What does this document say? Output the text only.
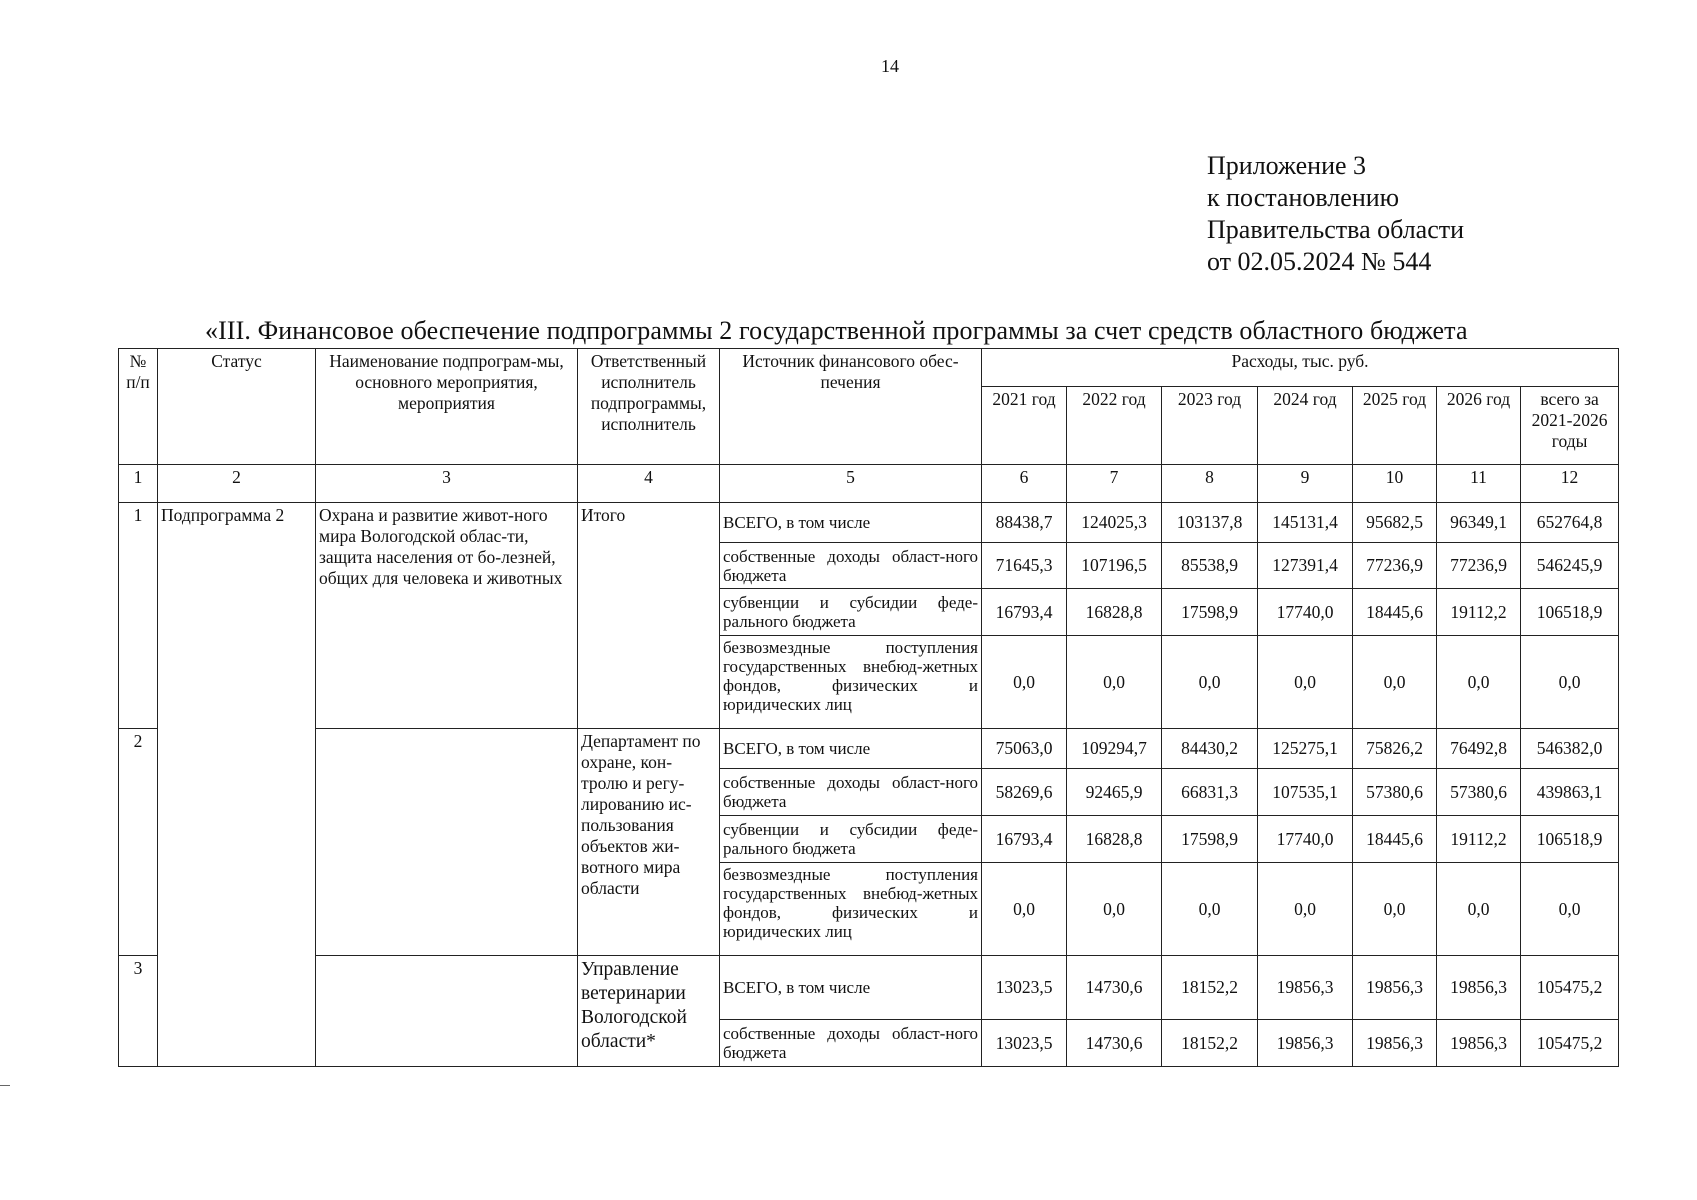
14
Приложение 3
к постановлению
Правительства области
от 02.05.2024 № 544
«III. Финансовое обеспечение подпрограммы 2 государственной программы за счет средств областного бюджета
№ п/п	Статус	Наименование подпрограм-мы, основного мероприятия, мероприятия	Ответственный исполнитель подпрограммы, исполнитель	Источник финансового обес-печения	Расходы, тыс. руб.						
					2021 год	2022 год	2023 год	2024 год	2025 год	2026 год	всего за 2021-2026 годы
1	2	3	4	5	6	7	8	9	10	11	12
1	Подпрограмма 2	Охрана и развитие живот-ного мира Вологодской облас-ти, защита населения от бо-лезней, общих для человека и животных	Итого	ВСЕГО, в том числе	88438,7	124025,3	103137,8	145131,4	95682,5	96349,1	652764,8
				собственные доходы област-ного бюджета	71645,3	107196,5	85538,9	127391,4	77236,9	77236,9	546245,9
				субвенции и субсидии феде-рального бюджета	16793,4	16828,8	17598,9	17740,0	18445,6	19112,2	106518,9
				безвозмездные поступления государственных внебюд-жетных фондов, физических и юридических лиц	0,0	0,0	0,0	0,0	0,0	0,0	0,0
2			Департамент по охране, кон-тролю и регу-лированию ис-пользования объектов жи-вотного мира области	ВСЕГО, в том числе	75063,0	109294,7	84430,2	125275,1	75826,2	76492,8	546382,0
				собственные доходы област-ного бюджета	58269,6	92465,9	66831,3	107535,1	57380,6	57380,6	439863,1
				субвенции и субсидии феде-рального бюджета	16793,4	16828,8	17598,9	17740,0	18445,6	19112,2	106518,9
				безвозмездные поступления государственных внебюд-жетных фондов, физических и юридических лиц	0,0	0,0	0,0	0,0	0,0	0,0	0,0
3			Управление ветеринарии Вологодской области*	ВСЕГО, в том числе	13023,5	14730,6	18152,2	19856,3	19856,3	19856,3	105475,2
				собственные доходы област-ного бюджета	13023,5	14730,6	18152,2	19856,3	19856,3	19856,3	105475,2
